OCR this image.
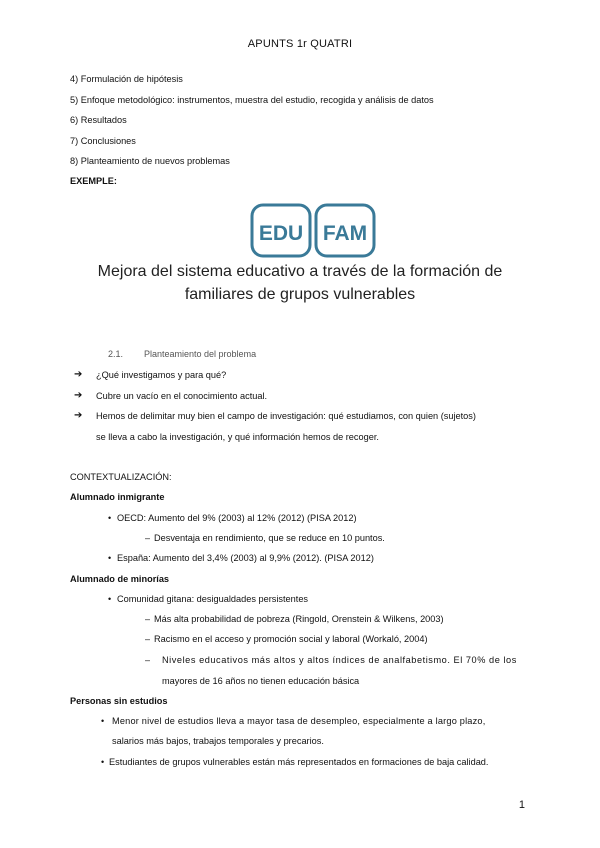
APUNTS 1r QUATRI
4) Formulación de hipótesis
5) Enfoque metodológico: instrumentos, muestra del estudio, recogida y análisis de datos
6) Resultados
7) Conclusiones
8) Planteamiento de nuevos problemas
EXEMPLE:
EDU FAM
Mejora del sistema educativo a través de la formación de
familiares de grupos vulnerables
2.1. Planteamiento del problema
➔ ¿Qué investigamos y para qué?
➔ Cubre un vacío en el conocimiento actual.
➔ Hemos de delimitar muy bien el campo de investigación: qué estudiamos, con quien (sujetos)
se lleva a cabo la investigación, y qué información hemos de recoger.
CONTEXTUALIZACIÓN:
Alumnado inmigrante
• OECD: Aumento del 9% (2003) al 12% (2012) (PISA 2012)
– Desventaja en rendimiento, que se reduce en 10 puntos.
• España: Aumento del 3,4% (2003) al 9,9% (2012). (PISA 2012)
Alumnado de minorías
• Comunidad gitana: desigualdades persistentes
– Más alta probabilidad de pobreza (Ringold, Orenstein & Wilkens, 2003)
– Racismo en el acceso y promoción social y laboral (Workaló, 2004)
– Niveles educativos más altos y altos índices de analfabetismo. El 70% de los
mayores de 16 años no tienen educación básica
Personas sin estudios
• Menor nivel de estudios lleva a mayor tasa de desempleo, especialmente a largo plazo,
salarios más bajos, trabajos temporales y precarios.
• Estudiantes de grupos vulnerables están más representados en formaciones de baja calidad.
1
